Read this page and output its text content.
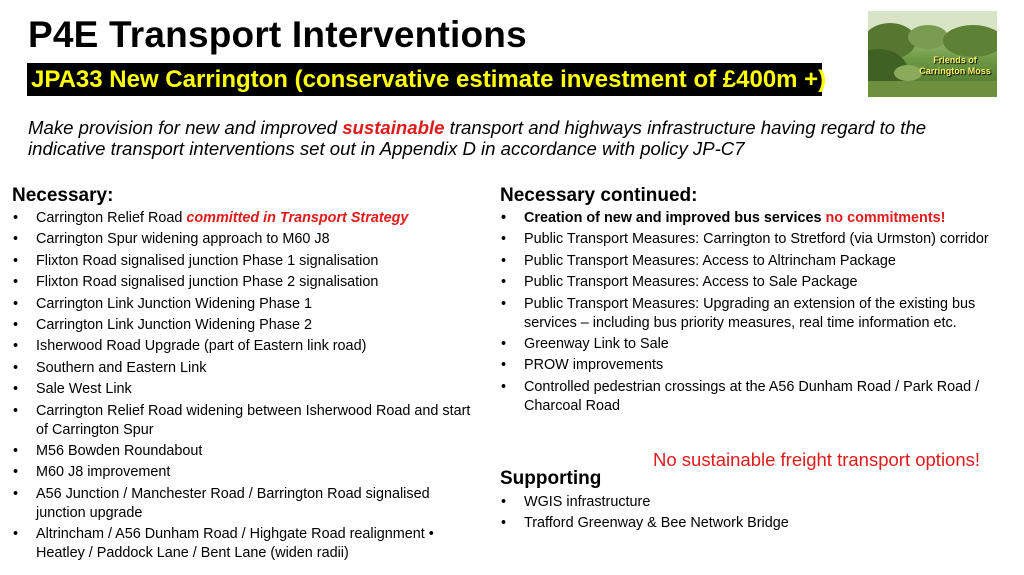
P4E Transport Interventions
JPA33 New Carrington (conservative estimate investment of £400m +)
Friends of
Carrington Moss

Make provision for new and improved sustainable transport and highways infrastructure having regard to the indicative transport interventions set out in Appendix D in accordance with policy JP-C7

Necessary:
• Carrington Relief Road committed in Transport Strategy
• Carrington Spur widening approach to M60 J8
• Flixton Road signalised junction Phase 1 signalisation
• Flixton Road signalised junction Phase 2 signalisation
• Carrington Link Junction Widening Phase 1
• Carrington Link Junction Widening Phase 2
• Isherwood Road Upgrade (part of Eastern link road)
• Southern and Eastern Link
• Sale West Link
• Carrington Relief Road widening between Isherwood Road and start of Carrington Spur
• M56 Bowden Roundabout
• M60 J8 improvement
• A56 Junction / Manchester Road / Barrington Road signalised junction upgrade
• Altrincham / A56 Dunham Road / Highgate Road realignment • Heatley / Paddock Lane / Bent Lane (widen radii)
Necessary continued:
• Creation of new and improved bus services no commitments!
• Public Transport Measures: Carrington to Stretford (via Urmston) corridor
• Public Transport Measures: Access to Altrincham Package
• Public Transport Measures: Access to Sale Package
• Public Transport Measures: Upgrading an extension of the existing bus services – including bus priority measures, real time information etc.
• Greenway Link to Sale
• PROW improvements
• Controlled pedestrian crossings at the A56 Dunham Road / Park Road / Charcoal Road

No sustainable freight transport options!

Supporting
• WGIS infrastructure
• Trafford Greenway & Bee Network Bridge
